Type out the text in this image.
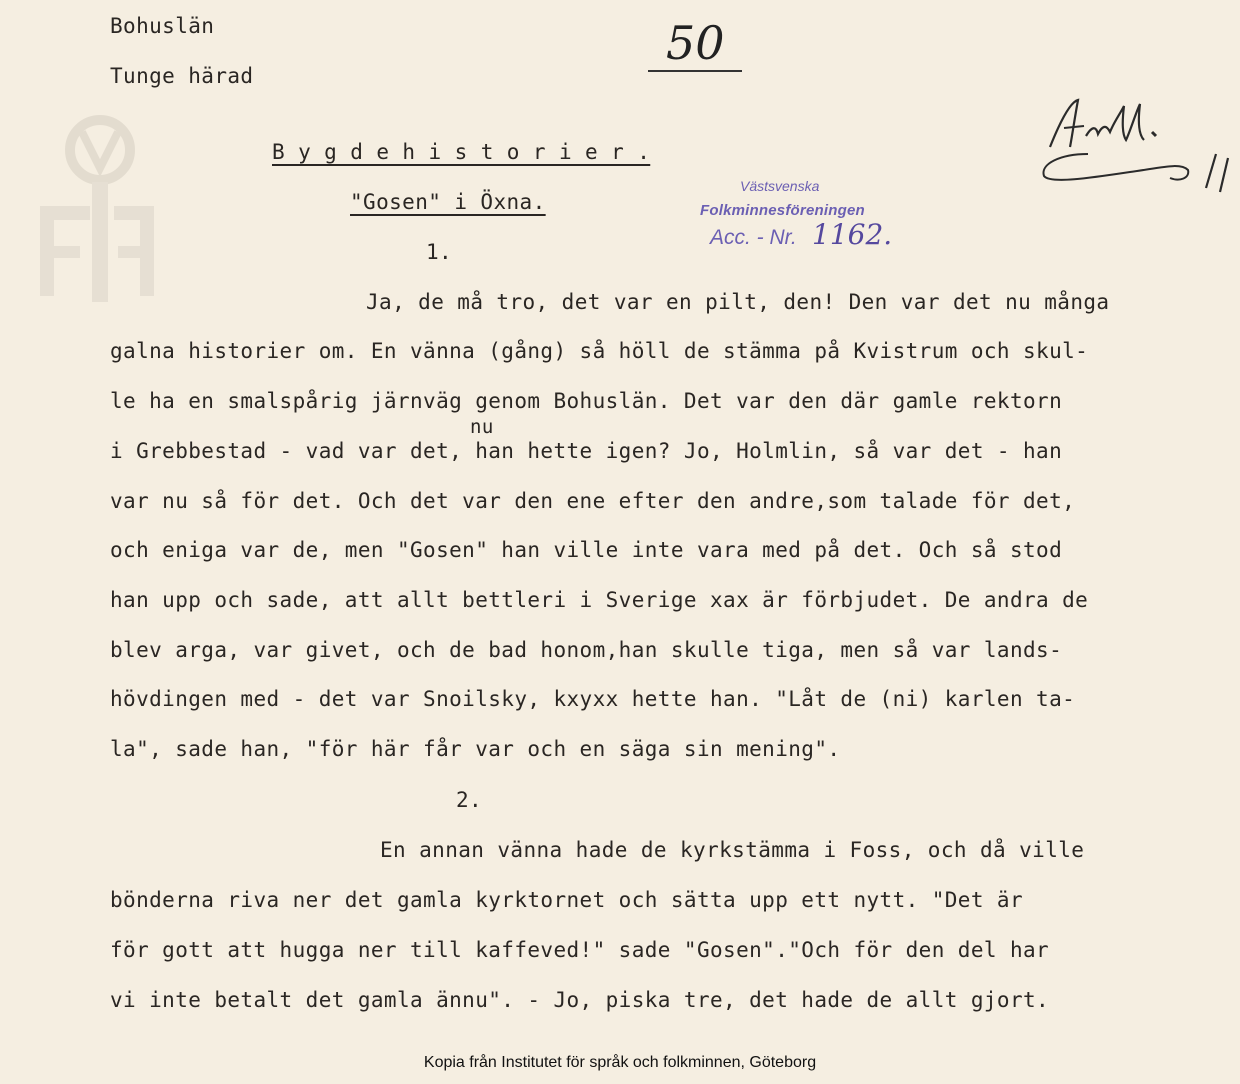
Bohuslän
Tunge härad
50
B y g d e h i s t o r i e r .
"Gosen" i Öxna.
Västsvenska
Folkminnesföreningen
Acc. - Nr. 1162.
1.
Ja, de må tro, det var en pilt, den! Den var det nu många
galna historier om. En vänna (gång) så höll de stämma på Kvistrum och skul-
le ha en smalspårig järnväg genom Bohuslän. Det var den där gamle rektorn
nu
i Grebbestad - vad var det, han hette igen? Jo, Holmlin, så var det - han
var nu så för det. Och det var den ene efter den andre,som talade för det,
och eniga var de, men "Gosen" han ville inte vara med på det. Och så stod
han upp och sade, att allt bettleri i Sverige xax är förbjudet. De andra de
blev arga, var givet, och de bad honom,han skulle tiga, men så var lands-
hövdingen med - det var Snoilsky, kxyxx hette han. "Låt de (ni) karlen ta-
la", sade han, "för här får var och en säga sin mening".
2.
En annan vänna hade de kyrkstämma i Foss, och då ville
bönderna riva ner det gamla kyrktornet och sätta upp ett nytt. "Det är
för gott att hugga ner till kaffeved!" sade "Gosen"."Och för den del har
vi inte betalt det gamla ännu". - Jo, piska tre, det hade de allt gjort.
Kopia från Institutet för språk och folkminnen, Göteborg
